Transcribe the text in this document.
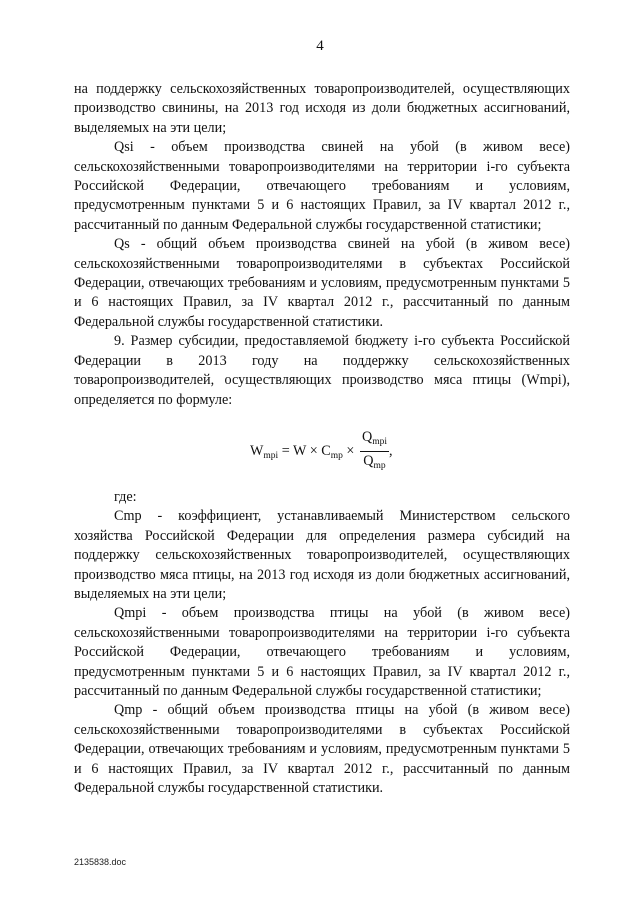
4

на поддержку сельскохозяйственных товаропроизводителей, осуществляющих производство свинины, на 2013 год исходя из доли бюджетных ассигнований, выделяемых на эти цели;

Qsi - объем производства свиней на убой (в живом весе) сельскохозяйственными товаропроизводителями на территории i-го субъекта Российской Федерации, отвечающего требованиям и условиям, предусмотренным пунктами 5 и 6 настоящих Правил, за IV квартал 2012 г., рассчитанный по данным Федеральной службы государственной статистики;

Qs - общий объем производства свиней на убой (в живом весе) сельскохозяйственными товаропроизводителями в субъектах Российской Федерации, отвечающих требованиям и условиям, предусмотренным пунктами 5 и 6 настоящих Правил, за IV квартал 2012 г., рассчитанный по данным Федеральной службы государственной статистики.

9. Размер субсидии, предоставляемой бюджету i-го субъекта Российской Федерации в 2013 году на поддержку сельскохозяйственных товаропроизводителей, осуществляющих производство мяса птицы (Wmpi), определяется по формуле:

$W_{mpi} = W \times C_{mp} \times \frac{Q_{mpi}}{Q_{mp}}$ ,

где:

Cmp - коэффициент, устанавливаемый Министерством сельского хозяйства Российской Федерации для определения размера субсидий на поддержку сельскохозяйственных товаропроизводителей, осуществляющих производство мяса птицы, на 2013 год исходя из доли бюджетных ассигнований, выделяемых на эти цели;

Qmpi - объем производства птицы на убой (в живом весе) сельскохозяйственными товаропроизводителями на территории i-го субъекта Российской Федерации, отвечающего требованиям и условиям, предусмотренным пунктами 5 и 6 настоящих Правил, за IV квартал 2012 г., рассчитанный по данным Федеральной службы государственной статистики;

Qmp - общий объем производства птицы на убой (в живом весе) сельскохозяйственными товаропроизводителями в субъектах Российской Федерации, отвечающих требованиям и условиям, предусмотренным пунктами 5 и 6 настоящих Правил, за IV квартал 2012 г., рассчитанный по данным Федеральной службы государственной статистики.

2135838.doc
